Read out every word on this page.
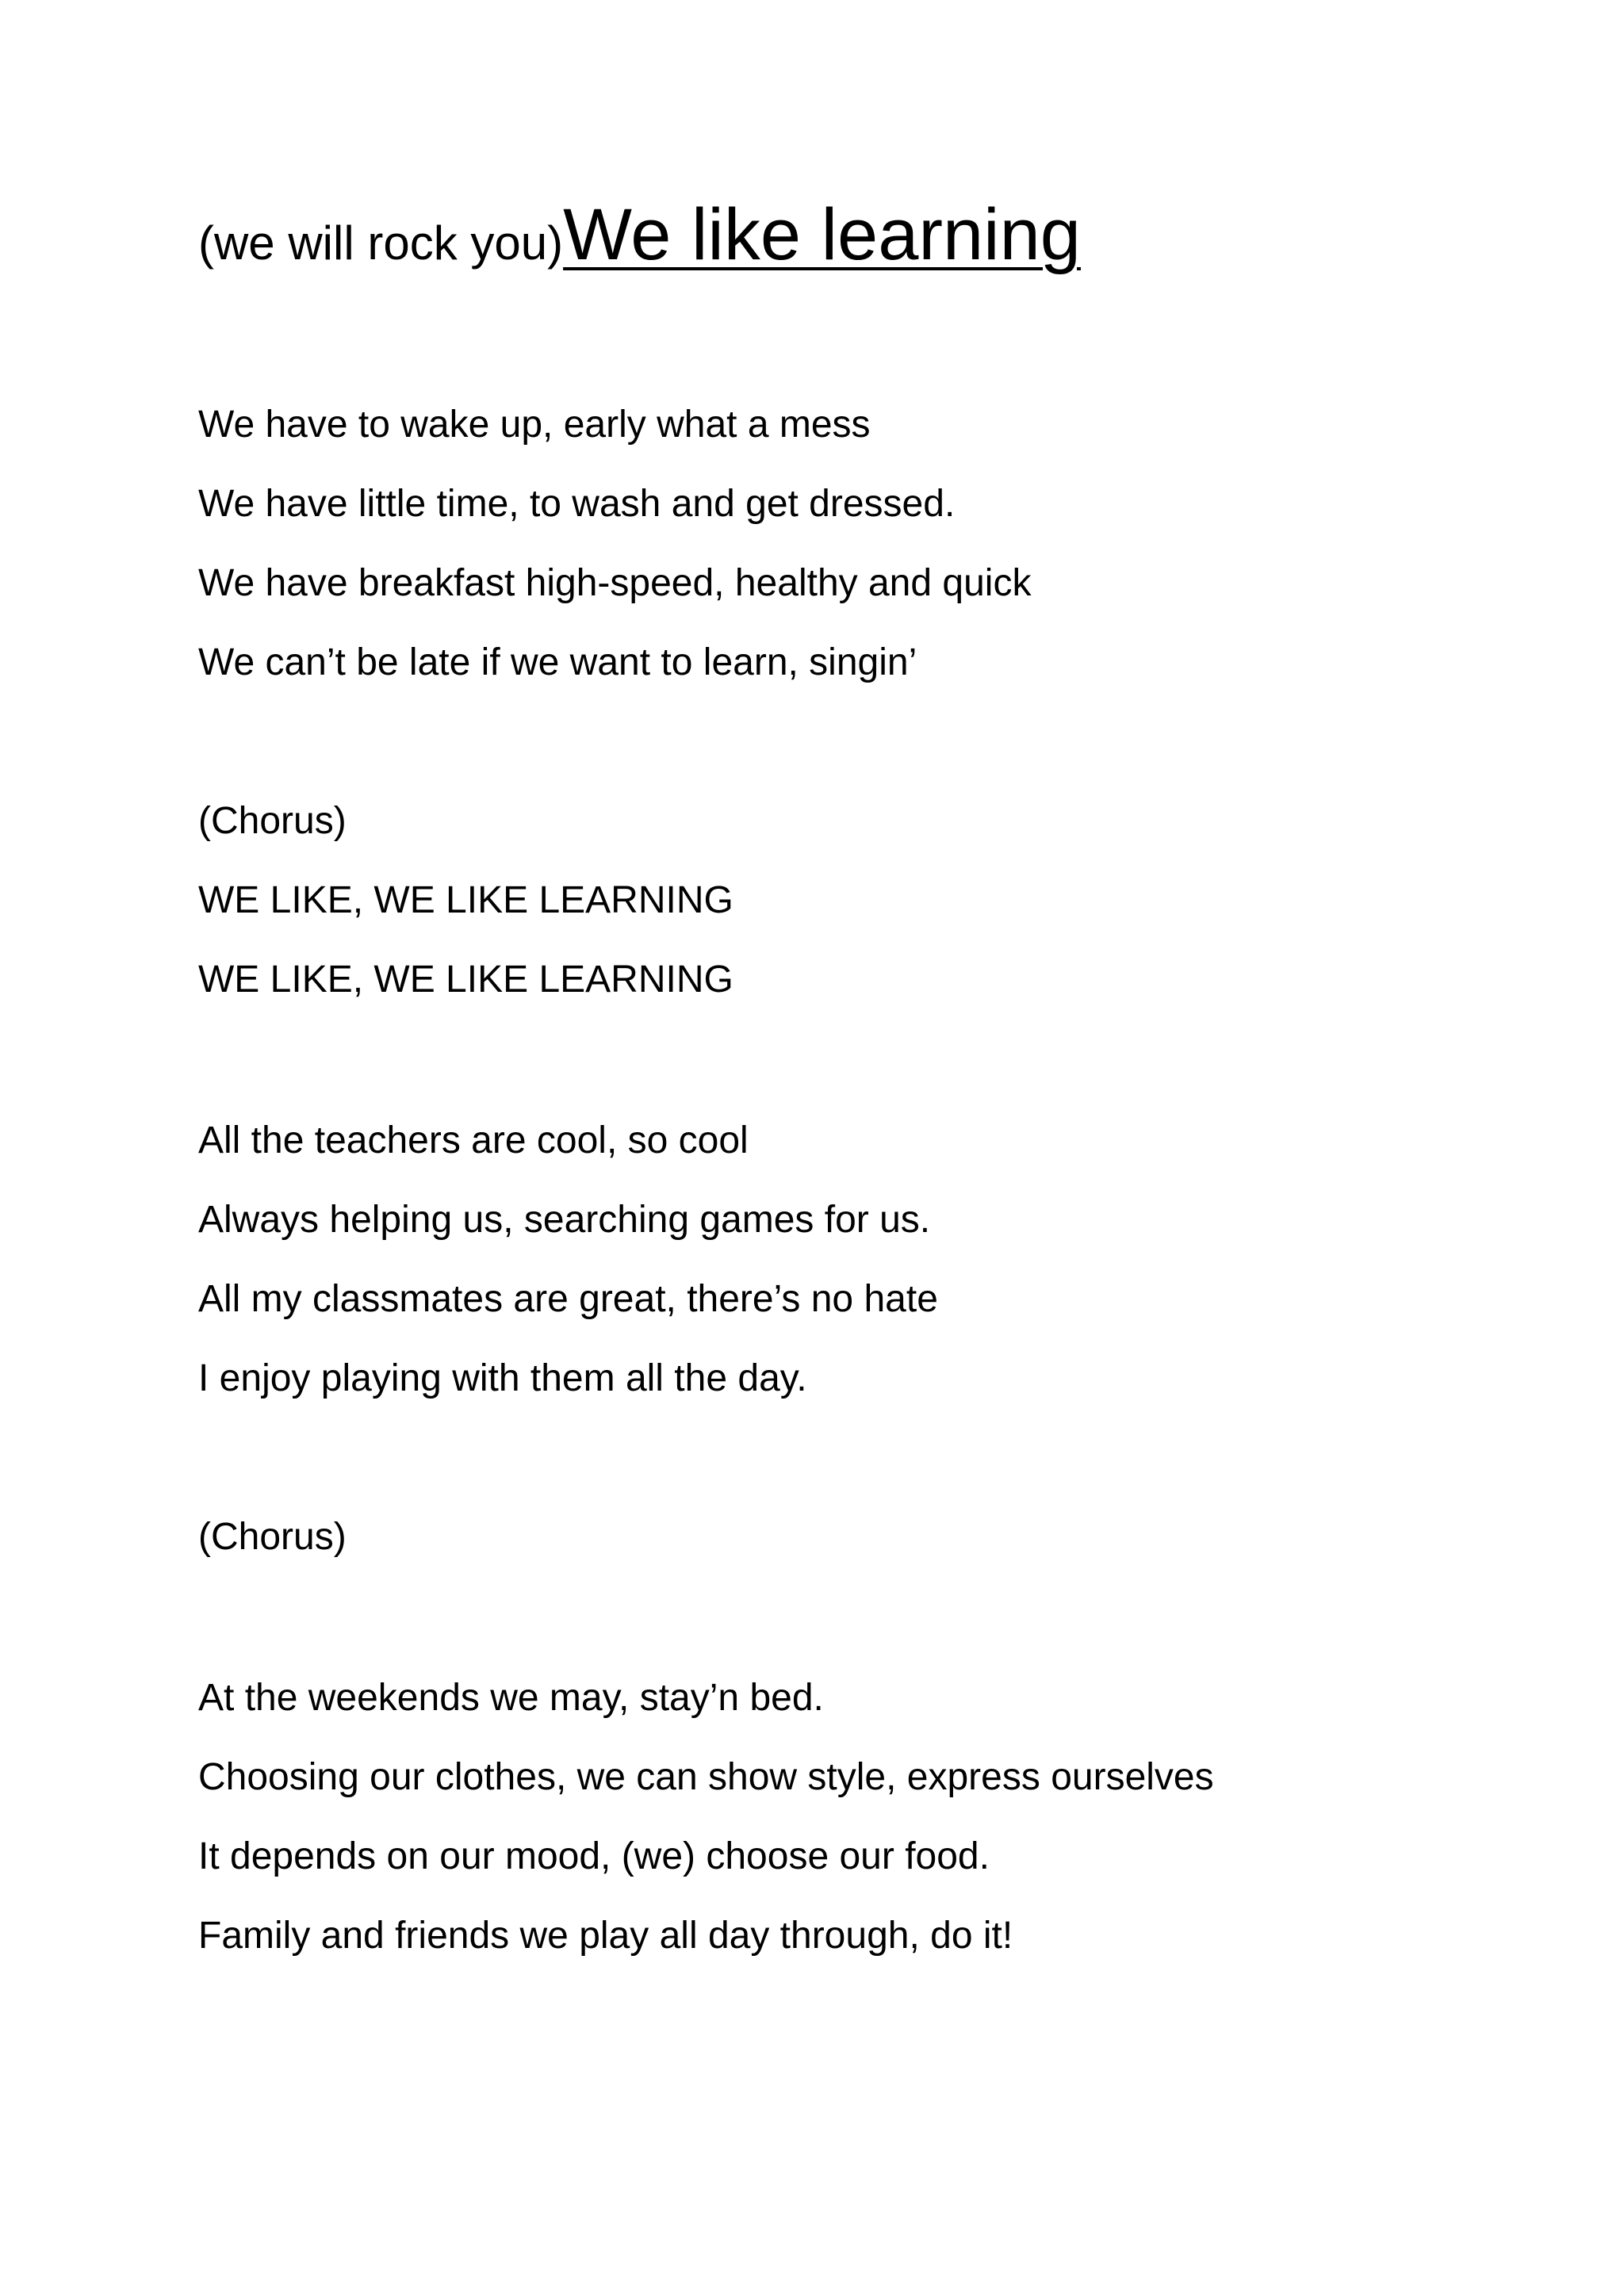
(we will rock you)We like learning
We have to wake up, early what a mess
We have little time, to wash and get dressed.
We have breakfast high-speed, healthy and quick
We can’t be late if we want to learn, singin’
(Chorus)
WE LIKE, WE LIKE LEARNING
WE LIKE, WE LIKE LEARNING
All the teachers are cool, so cool
Always helping us, searching games for us.
All my classmates are great, there’s no hate
I enjoy playing with them all the day.
(Chorus)
At the weekends we may, stay’n bed.
Choosing our clothes, we can show style, express ourselves
It depends on our mood, (we) choose our food.
Family and friends we play all day through, do it!
